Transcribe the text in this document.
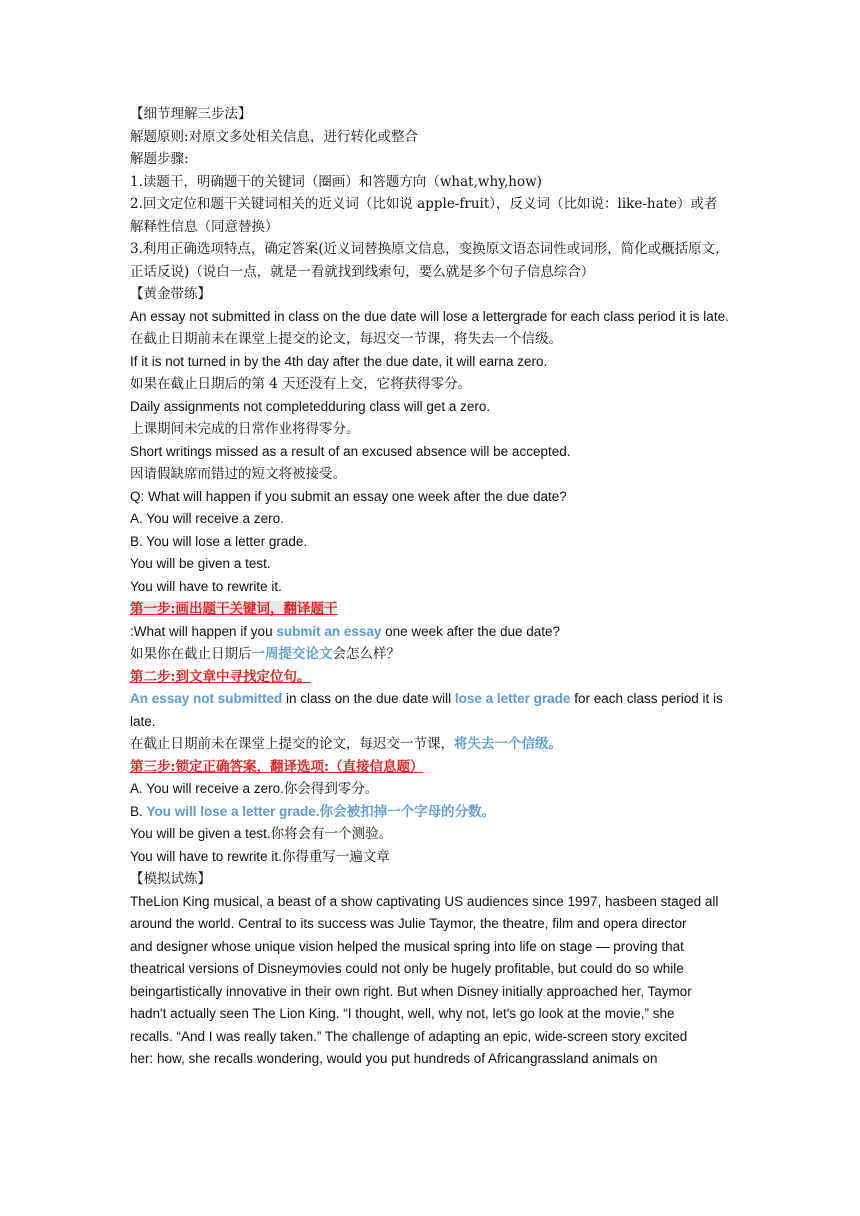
【细节理解三步法】
解题原则:对原文多处相关信息，进行转化或整合
解题步骤:
1.读题干，明确题干的关键词（圈画）和答题方向（what,why,how)
2.回文定位和题干关键词相关的近义词（比如说 apple-fruit），反义词（比如说：like-hate）或者解释性信息（同意替换）
3.利用正确选项特点，确定答案(近义词替换原文信息，变换原文语态词性或词形，简化或概括原文，正话反说)（说白一点，就是一看就找到线索句，要么就是多个句子信息综合）
【黄金带练】
An essay not submitted in class on the due date will lose a lettergrade for each class period it is late.
在截止日期前未在课堂上提交的论文，每迟交一节课，将失去一个信级。
If it is not turned in by the 4th day after the due date, it will earna zero.
如果在截止日期后的第 4 天还没有上交，它将获得零分。
Daily assignments not completedduring class will get a zero.
上课期间未完成的日常作业将得零分。
Short writings missed as a result of an excused absence will be accepted.
因请假缺席而错过的短文将被接受。
Q: What will happen if you submit an essay one week after the due date?
A. You will receive a zero.
B. You will lose a letter grade.
You will be given a test.
You will have to rewrite it.
第一步:画出题干关键词，翻译题干
:What will happen if you submit an essay one week after the due date?
如果你在截止日期后一周提交论文会怎么样？
第二步:到文章中寻找定位句。
An essay not submitted in class on the due date will lose a letter grade for each class period it is late.
在截止日期前未在课堂上提交的论文，每迟交一节课，将失去一个信级。
第三步:锁定正确答案，翻译选项:（直接信息题）
A. You will receive a zero.你会得到零分。
B. You will lose a letter grade.你会被扣掉一个字母的分数。
You will be given a test.你将会有一个测验。
You will have to rewrite it.你得重写一遍文章
【模拟试炼】
TheLion King musical, a beast of a show captivating US audiences since 1997, hasbeen staged all
around the world. Central to its success was Julie Taymor, the theatre, film and opera director
and designer whose unique vision helped the musical spring into life on stage — proving that
theatrical versions of Disneymovies could not only be hugely profitable, but could do so while
beingartistically innovative in their own right. But when Disney initially approached her, Taymor
hadn't actually seen The Lion King. “I thought, well, why not, let's go look at the movie,” she
recalls. “And I was really taken.” The challenge of adapting an epic, wide-screen story excited
her: how, she recalls wondering, would you put hundreds of Africangrassland animals on
